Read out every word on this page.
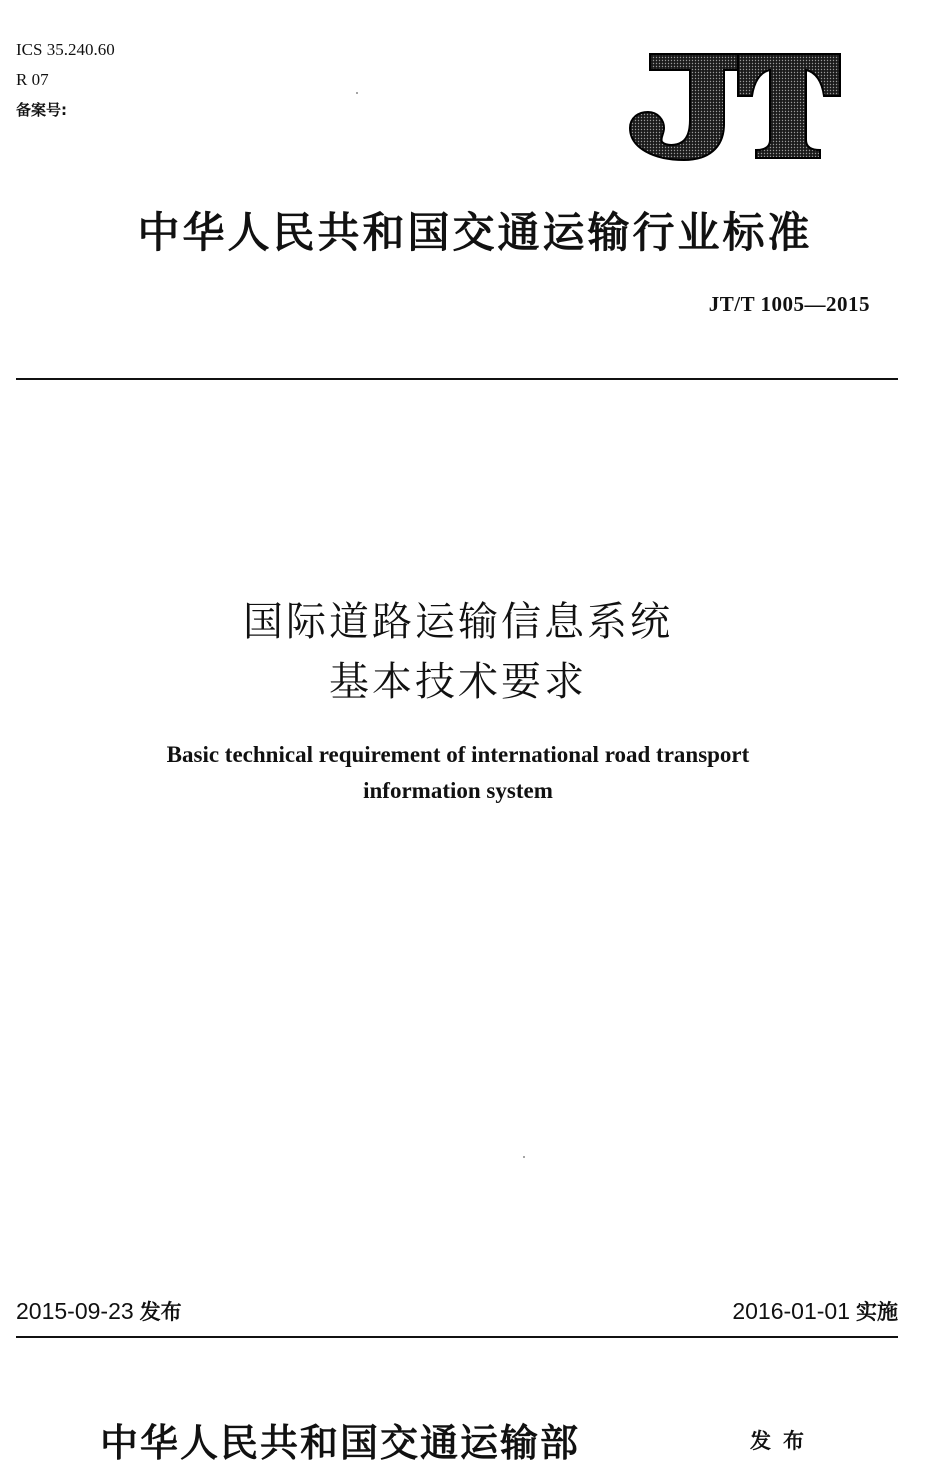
ICS 35.240.60
R 07
备案号:
中华人民共和国交通运输行业标准
JT/T 1005—2015
国际道路运输信息系统
基本技术要求
Basic technical requirement of international road transport
information system
2015-09-23 发布	2016-01-01 实施
中华人民共和国交通运输部	发布
